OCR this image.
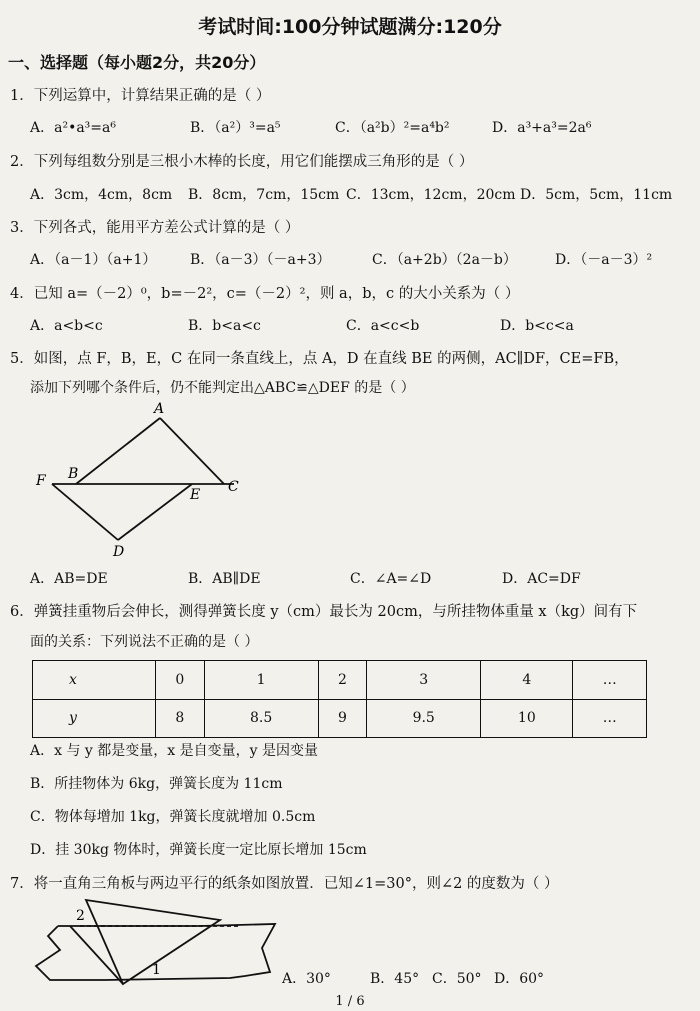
考试时间:100分钟试题满分:120分
一、选择题（每小题2分，共20分）
1．下列运算中，计算结果正确的是（ ）
A．a²•a³=a⁶	B．（a²）³=a⁵	C．（a²b）²=a⁴b²	D．a³+a³=2a⁶
2．下列每组数分别是三根小木棒的长度，用它们能摆成三角形的是（ ）
A．3cm，4cm，8cm B．8cm，7cm，15cm C．13cm，12cm，20cm D．5cm，5cm，11cm
3．下列各式，能用平方差公式计算的是（ ）
A．（a－1）（a+1） B．（a－3）（－a+3）	C．（a+2b）（2a－b）	D．（－a－3）²
4．已知 a=（－2）⁰，b=－2²，c=（－2）²，则 a，b，c 的大小关系为（ ）
A．a<b<c	B．b<a<c	C．a<c<b	D．b<c<a
5．如图，点 F，B，E，C 在同一条直线上，点 A，D 在直线 BE 的两侧，AC∥DF，CE=FB，
添加下列哪个条件后，仍不能判定出△ABC≌△DEF 的是（ ）
A
B
C
D
E
F
2
1
A．AB=DE	B．AB∥DE	C．∠A=∠D	D．AC=DF
6．弹簧挂重物后会伸长，测得弹簧长度 y（cm）最长为 20cm，与所挂物体重量 x（kg）间有下
面的关系：下列说法不正确的是（ ）
x	0	1	2	3	4	…
y	8	8.5	9	9.5	10	…
A．x 与 y 都是变量，x 是自变量，y 是因变量
B．所挂物体为 6kg，弹簧长度为 11cm
C．物体每增加 1kg，弹簧长度就增加 0.5cm
D．挂 30kg 物体时，弹簧长度一定比原长增加 15cm
7．将一直角三角板与两边平行的纸条如图放置．已知∠1=30°，则∠2 的度数为（ ）
A．30°	B．45° C．50° D．60°
1 / 6
